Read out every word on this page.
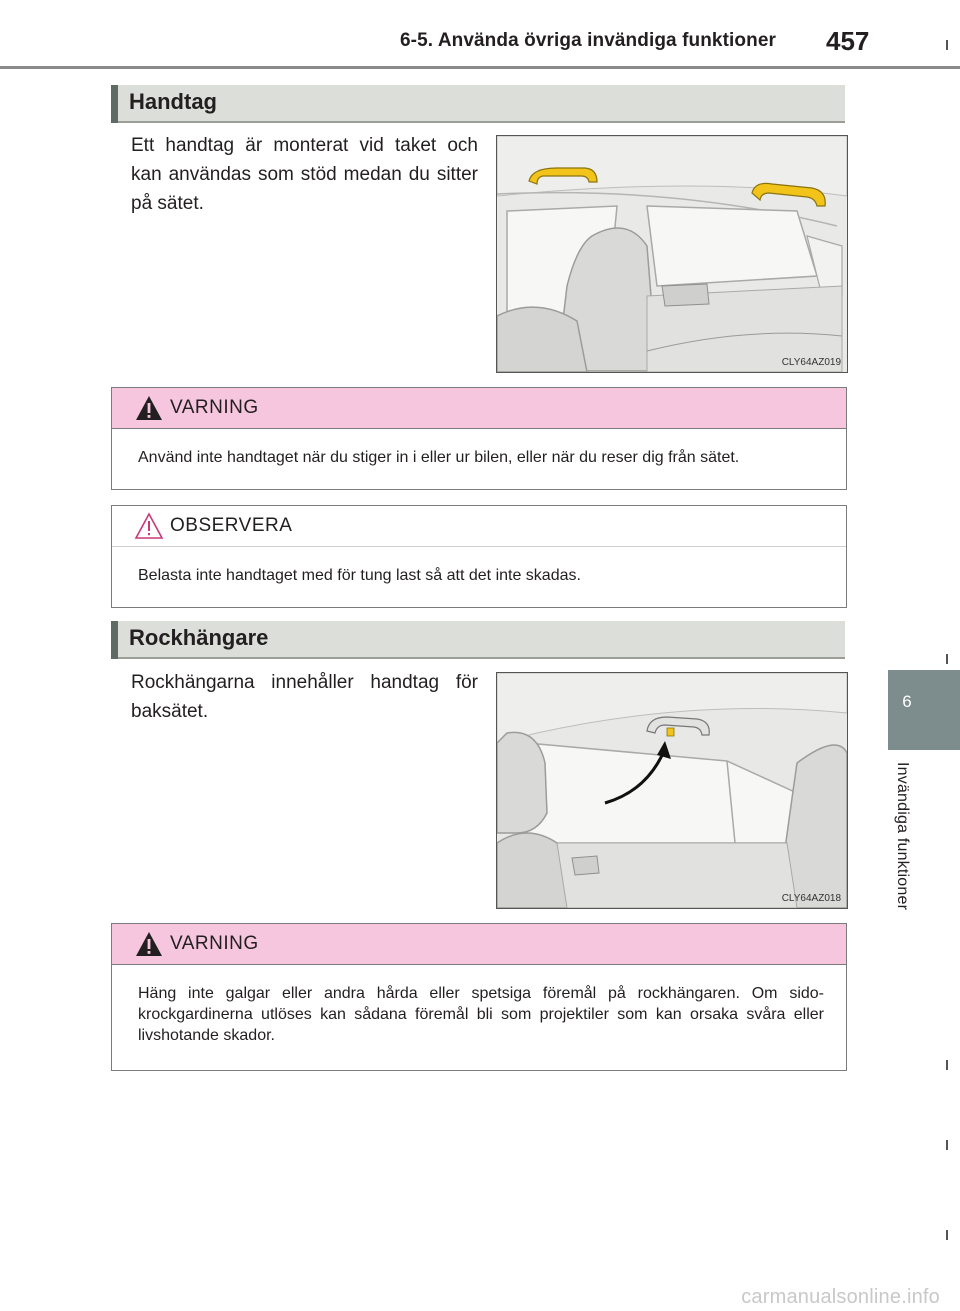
6-5. Använda övriga invändiga funktioner 457
6
Invändiga funktioner
Handtag
Ett handtag är monterat vid taket och kan användas som stöd medan du sitter på sätet.
CLY64AZ019
VARNING
Använd inte handtaget när du stiger in i eller ur bilen, eller när du reser dig från sätet.
OBSERVERA
Belasta inte handtaget med för tung last så att det inte skadas.
Rockhängare
Rockhängarna innehåller handtag för baksätet.
CLY64AZ018
VARNING
Häng inte galgar eller andra hårda eller spetsiga föremål på rockhängaren. Om sido-krockgardinerna utlöses kan sådana föremål bli som projektiler som kan orsaka svåra eller livshotande skador.
carmanualsonline.info
